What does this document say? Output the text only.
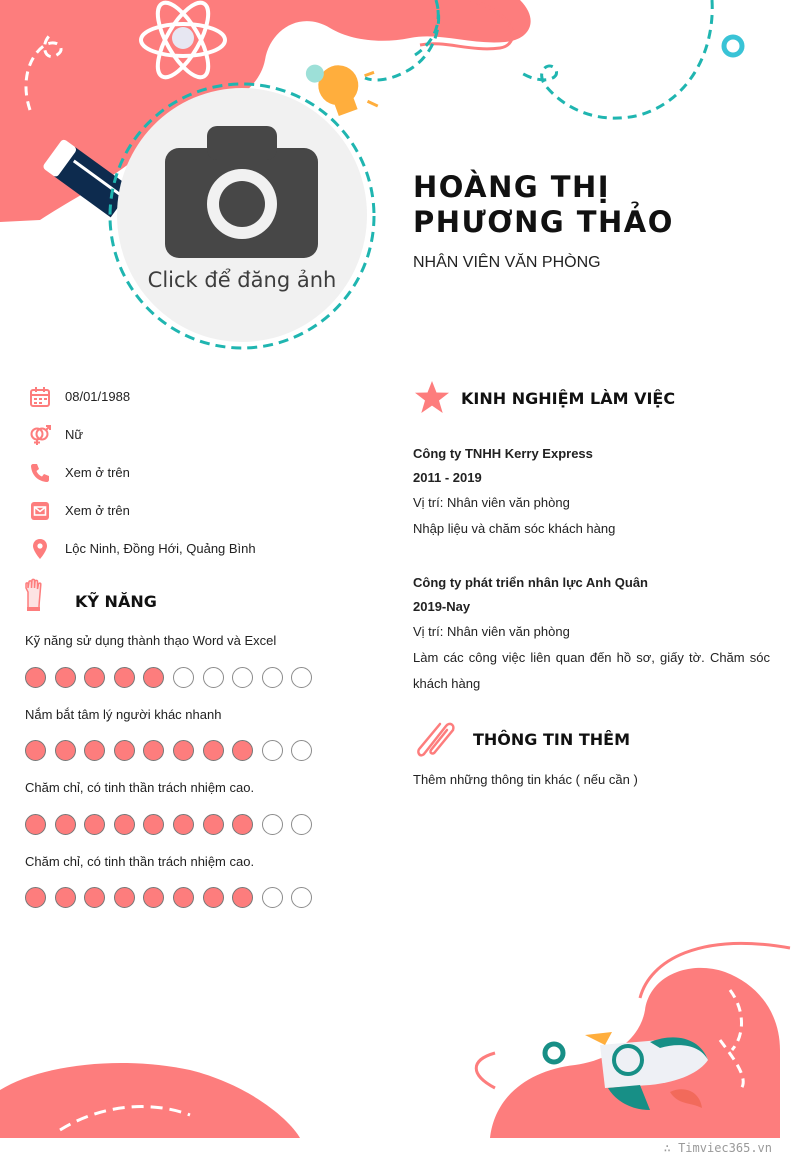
Click để đăng ảnh
HOÀNG THỊ PHƯƠNG THẢO
NHÂN VIÊN VĂN PHÒNG
08/01/1988
Nữ
Xem ở trên
Xem ở trên
Lộc Ninh, Đồng Hới, Quảng Bình
KỸ NĂNG
Kỹ năng sử dụng thành thạo Word và Excel
Nắm bắt tâm lý người khác nhanh
Chăm chỉ, có tinh thần trách nhiệm cao.
Chăm chỉ, có tinh thần trách nhiệm cao.
KINH NGHIỆM LÀM VIỆC
Công ty TNHH Kerry Express
2011 - 2019
Vị trí: Nhân viên văn phòng
Nhập liệu và chăm sóc khách hàng
Công ty phát triển nhân lực Anh Quân
2019-Nay
Vị trí: Nhân viên văn phòng
Làm các công việc liên quan đến hồ sơ, giấy tờ. Chăm sóc khách hàng
THÔNG TIN THÊM
Thêm những thông tin khác ( nếu cần )
∴ Timviec365.vn
